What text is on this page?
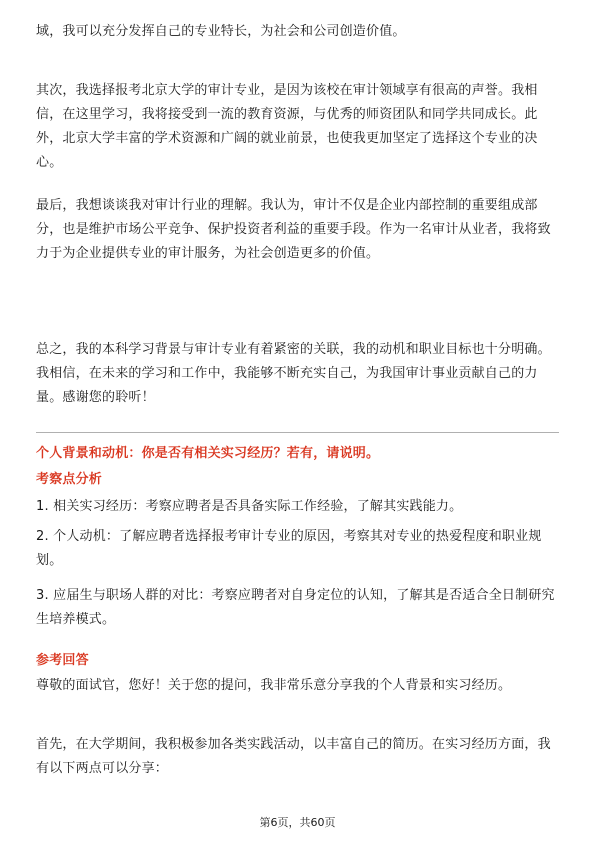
域，我可以充分发挥自己的专业特长，为社会和公司创造价值。

其次，我选择报考北京大学的审计专业，是因为该校在审计领域享有很高的声誉。我相信，在这里学习，我将接受到一流的教育资源，与优秀的师资团队和同学共同成长。此外，北京大学丰富的学术资源和广阔的就业前景，也使我更加坚定了选择这个专业的决心。

最后，我想谈谈我对审计行业的理解。我认为，审计不仅是企业内部控制的重要组成部分，也是维护市场公平竞争、保护投资者利益的重要手段。作为一名审计从业者，我将致力于为企业提供专业的审计服务，为社会创造更多的价值。

总之，我的本科学习背景与审计专业有着紧密的关联，我的动机和职业目标也十分明确。我相信，在未来的学习和工作中，我能够不断充实自己，为我国审计事业贡献自己的力量。感谢您的聆听！

个人背景和动机：你是否有相关实习经历？若有，请说明。

考察点分析

1. 相关实习经历：考察应聘者是否具备实际工作经验，了解其实践能力。

2. 个人动机：了解应聘者选择报考审计专业的原因，考察其对专业的热爱程度和职业规划。

3. 应届生与职场人群的对比：考察应聘者对自身定位的认知，了解其是否适合全日制研究生培养模式。

参考回答

尊敬的面试官，您好！关于您的提问，我非常乐意分享我的个人背景和实习经历。

首先，在大学期间，我积极参加各类实践活动，以丰富自己的简历。在实习经历方面，我有以下两点可以分享：

第6页，共60页
